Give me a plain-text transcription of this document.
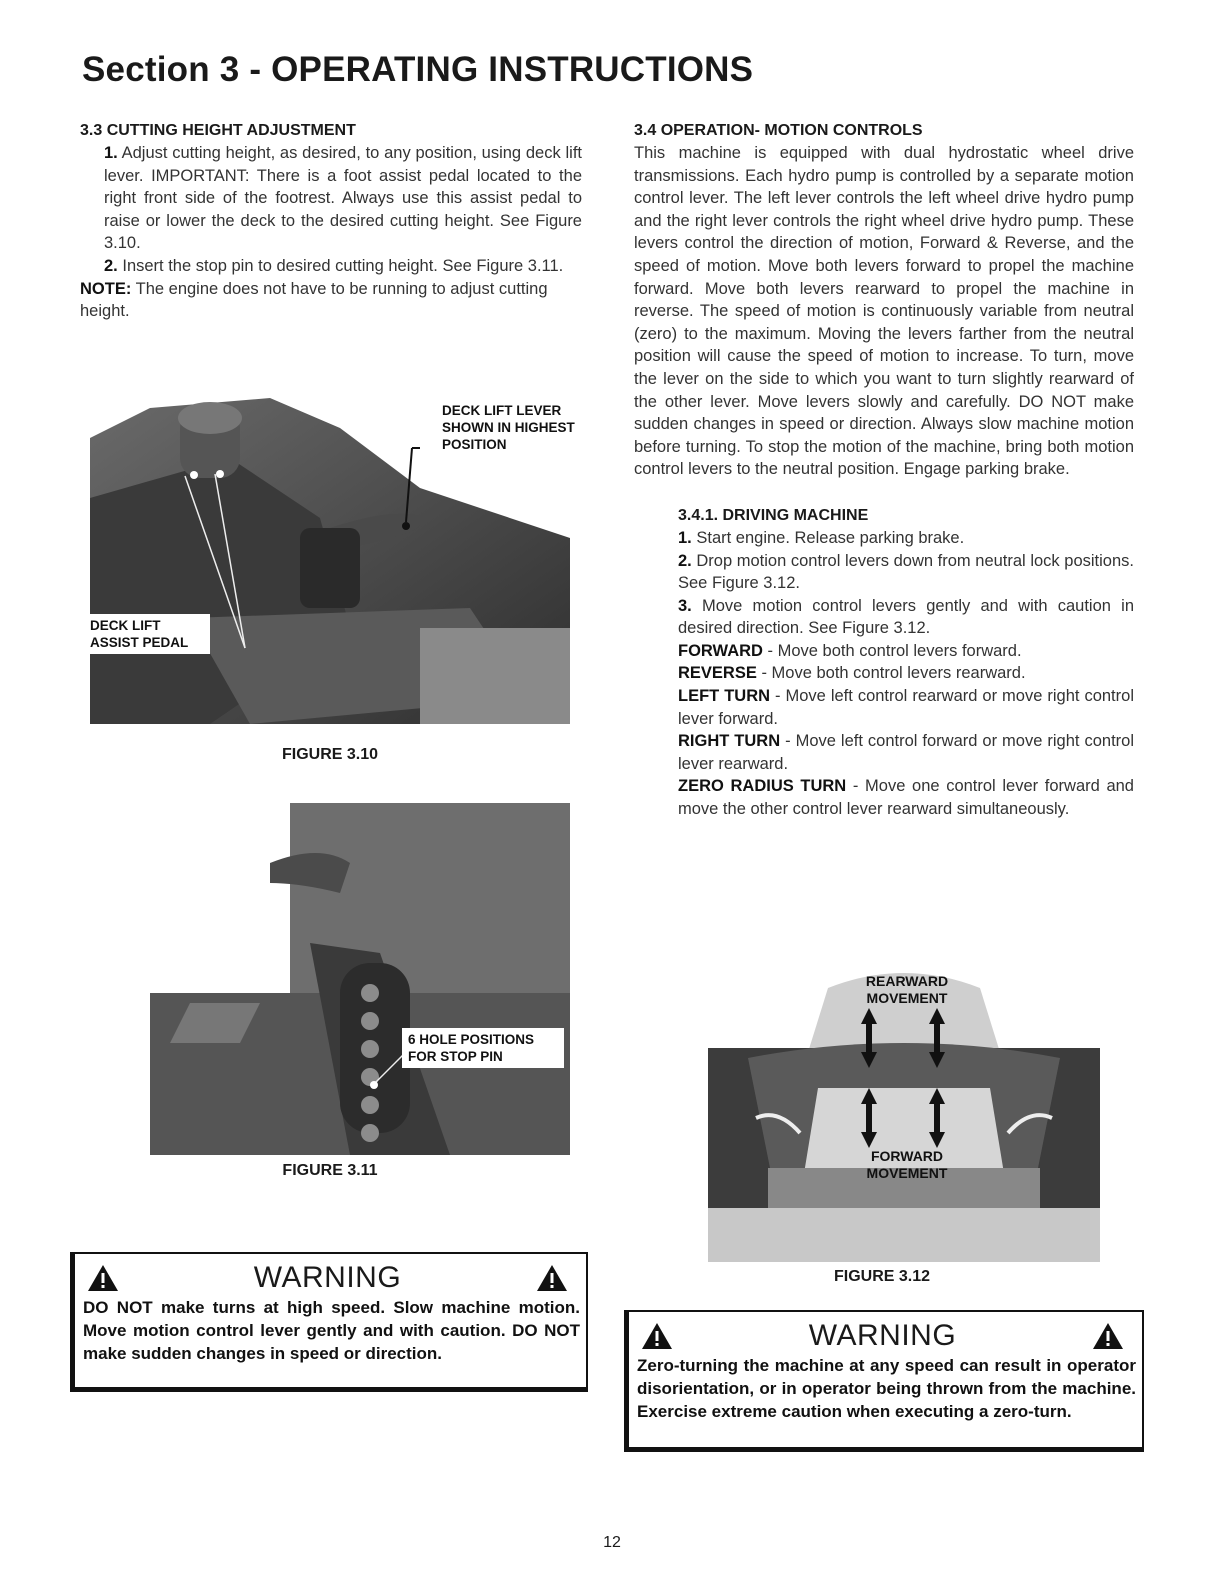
Section 3 - OPERATING INSTRUCTIONS
3.3 CUTTING HEIGHT ADJUSTMENT
1. Adjust cutting height, as desired, to any position, using deck lift lever. IMPORTANT: There is a foot assist pedal located to the right front side of the footrest. Always use this assist pedal to raise or lower the deck to the desired cutting height. See Figure 3.10.
2. Insert the stop pin to desired cutting height. See Figure 3.11.
NOTE: The engine does not have to be running to adjust cutting height.
DECK LIFT LEVER SHOWN IN HIGHEST POSITION
DECK LIFT
ASSIST PEDAL
FIGURE 3.10
6 HOLE POSITIONS
FOR STOP PIN
FIGURE 3.11
WARNING
DO NOT make turns at high speed. Slow machine motion. Move motion control lever gently and with caution. DO NOT make sudden changes in speed or direction.
3.4 OPERATION- MOTION CONTROLS
This machine is equipped with dual hydrostatic wheel drive transmissions. Each hydro pump is controlled by a separate motion control lever. The left lever controls the left wheel drive hydro pump and the right lever controls the right wheel drive hydro pump. These levers control the direction of motion, Forward & Reverse, and the speed of motion. Move both levers forward to propel the machine forward. Move both levers rearward to propel the machine in reverse. The speed of motion is continuously variable from neutral (zero) to the maximum. Moving the levers farther from the neutral position will cause the speed of motion to increase. To turn, move the lever on the side to which you want to turn slightly rearward of the other lever. Move levers slowly and carefully. DO NOT make sudden changes in speed or direction. Always slow machine motion before turning. To stop the motion of the machine, bring both motion control levers to the neutral position. Engage parking brake.
3.4.1. DRIVING MACHINE
1. Start engine. Release parking brake.
2. Drop motion control levers down from neutral lock positions. See Figure 3.12.
3. Move motion control levers gently and with caution in desired direction. See Figure 3.12.
FORWARD - Move both control levers forward.
REVERSE - Move both control levers rearward.
LEFT TURN - Move left control rearward or move right control lever forward.
RIGHT TURN - Move left control forward or move right control lever rearward.
ZERO RADIUS TURN - Move one control lever forward and move the other control lever rearward simultaneously.
REARWARD
MOVEMENT
FORWARD
MOVEMENT
FIGURE 3.12
WARNING
Zero-turning the machine at any speed can result in operator disorientation, or in operator being thrown from the machine. Exercise extreme caution when executing a zero-turn.
12
